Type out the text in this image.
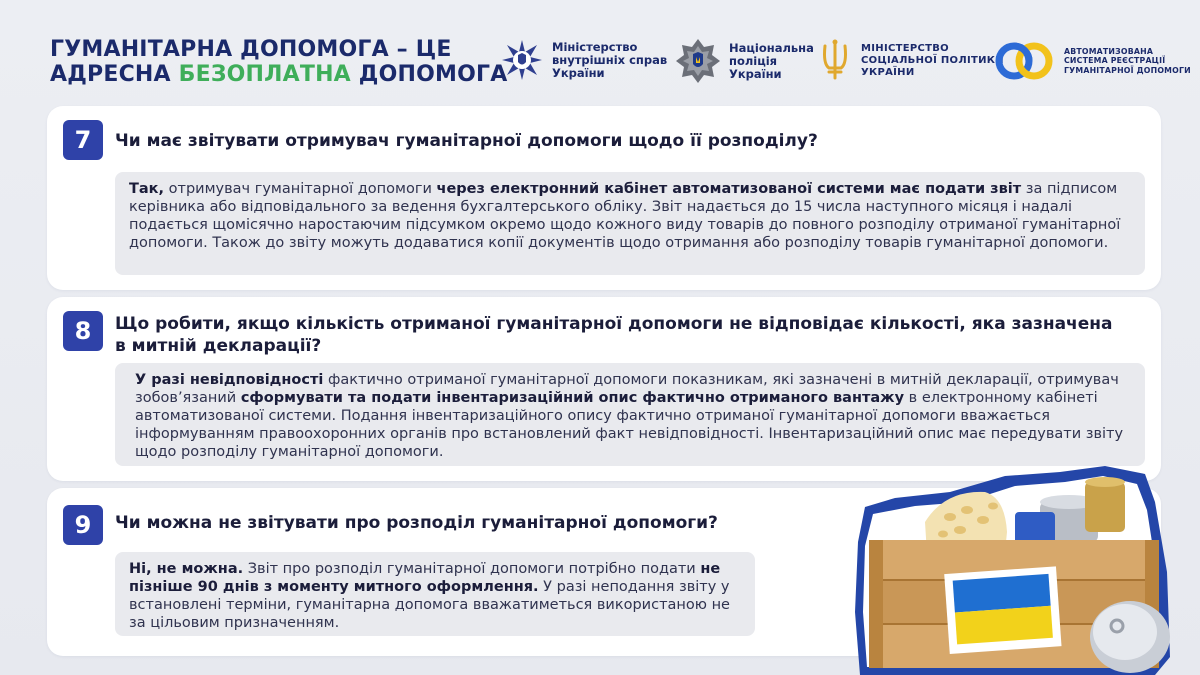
ГУМАНІТАРНА ДОПОМОГА – ЦЕ
АДРЕСНА БЕЗОПЛАТНА ДОПОМОГА
Міністерство
внутрішніх справ
України
Національна
поліція
України
МІНІСТЕРСТВО
СОЦІАЛЬНОЇ ПОЛІТИКИ
УКРАЇНИ
АВТОМАТИЗОВАНА
СИСТЕМА РЕЄСТРАЦІЇ
ГУМАНІТАРНОЇ ДОПОМОГИ
7	Чи має звітувати отримувач гуманітарної допомоги щодо її розподілу?
Так, отримувач гуманітарної допомоги через електронний кабінет автоматизованої системи має подати звіт за підписом керівника або відповідального за ведення бухгалтерського обліку. Звіт надається до 15 числа наступного місяця і надалі подається щомісячно наростаючим підсумком окремо щодо кожного виду товарів до повного розподілу отриманої гуманітарної допомоги. Також до звіту можуть додаватися копії документів щодо отримання або розподілу товарів гуманітарної допомоги.
8	Що робити, якщо кількість отриманої гуманітарної допомоги не відповідає кількості, яка зазначена в митній декларації?
У разі невідповідності фактично отриманої гуманітарної допомоги показникам, які зазначені в митній декларації, отримувач зобов’язаний сформувати та подати інвентаризаційний опис фактично отриманого вантажу в електронному кабінеті автоматизованої системи. Подання інвентаризаційного опису фактично отриманої гуманітарної допомоги вважається інформуванням правоохоронних органів про встановлений факт невідповідності. Інвентаризаційний опис має передувати звіту щодо розподілу гуманітарної допомоги.
9	Чи можна не звітувати про розподіл гуманітарної допомоги?
Ні, не можна. Звіт про розподіл гуманітарної допомоги потрібно подати не пізніше 90 днів з моменту митного оформлення. У разі неподання звіту у встановлені терміни, гуманітарна допомога вважатиметься використаною не за цільовим призначенням.
